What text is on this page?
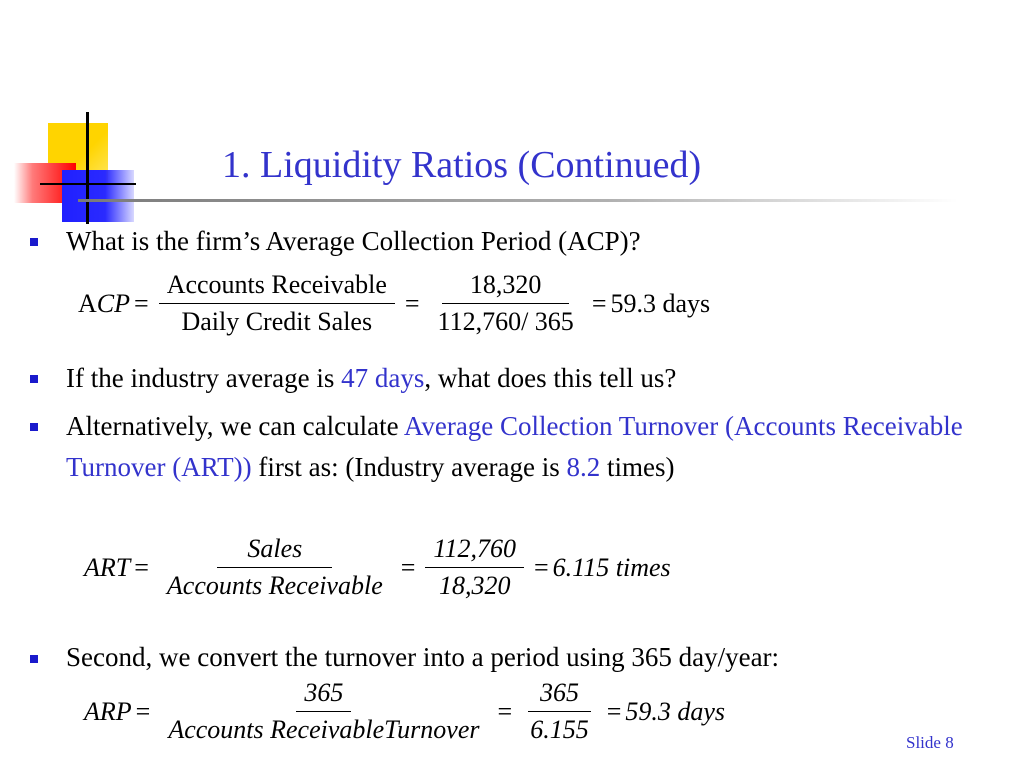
1. Liquidity Ratios (Continued)
What is the firm’s Average Collection Period (ACP)?
ACP = $\frac{\text{Accounts Receivable}}{\text{Daily Credit Sales}} = \frac{18,320}{112,760/ 365} = 59.3$ days
If the industry average is 47 days, what does this tell us?
Alternatively, we can calculate Average Collection Turnover (Accounts Receivable Turnover (ART)) first as: (Industry average is 8.2 times)
ART = $\frac{\text{Sales}}{\text{Accounts Receivable}} = \frac{112,760}{18,320} = 6.115$ times
Second, we convert the turnover into a period using 365 day/year:
ARP = $\frac{365}{\text{Accounts ReceivableTurnover}} = \frac{365}{6.155} = 59.3$ days
Slide 8
